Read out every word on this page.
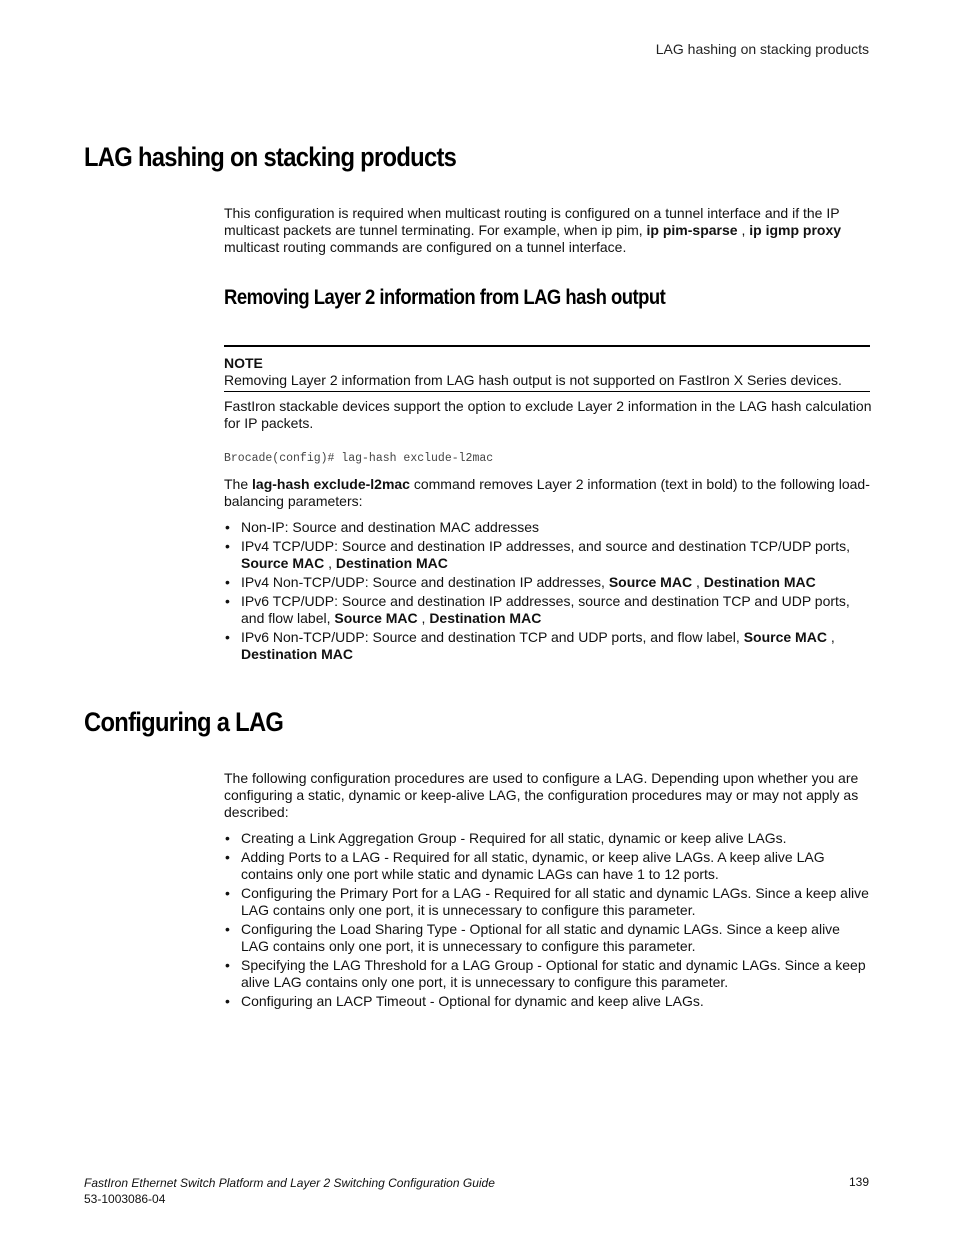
LAG hashing on stacking products
LAG hashing on stacking products
This configuration is required when multicast routing is configured on a tunnel interface and if the IP multicast packets are tunnel terminating. For example, when ip pim, ip pim-sparse , ip igmp proxy multicast routing commands are configured on a tunnel interface.
Removing Layer 2 information from LAG hash output
NOTE
Removing Layer 2 information from LAG hash output is not supported on FastIron X Series devices.
FastIron stackable devices support the option to exclude Layer 2 information in the LAG hash calculation for IP packets.
Brocade(config)# lag-hash exclude-l2mac
The lag-hash exclude-l2mac command removes Layer 2 information (text in bold) to the following load-balancing parameters:
• Non-IP: Source and destination MAC addresses
• IPv4 TCP/UDP: Source and destination IP addresses, and source and destination TCP/UDP ports, Source MAC , Destination MAC
• IPv4 Non-TCP/UDP: Source and destination IP addresses, Source MAC , Destination MAC
• IPv6 TCP/UDP: Source and destination IP addresses, source and destination TCP and UDP ports, and flow label, Source MAC , Destination MAC
• IPv6 Non-TCP/UDP: Source and destination TCP and UDP ports, and flow label, Source MAC , Destination MAC
Configuring a LAG
The following configuration procedures are used to configure a LAG. Depending upon whether you are configuring a static, dynamic or keep-alive LAG, the configuration procedures may or may not apply as described:
• Creating a Link Aggregation Group - Required for all static, dynamic or keep alive LAGs.
• Adding Ports to a LAG - Required for all static, dynamic, or keep alive LAGs. A keep alive LAG contains only one port while static and dynamic LAGs can have 1 to 12 ports.
• Configuring the Primary Port for a LAG - Required for all static and dynamic LAGs. Since a keep alive LAG contains only one port, it is unnecessary to configure this parameter.
• Configuring the Load Sharing Type - Optional for all static and dynamic LAGs. Since a keep alive LAG contains only one port, it is unnecessary to configure this parameter.
• Specifying the LAG Threshold for a LAG Group - Optional for static and dynamic LAGs. Since a keep alive LAG contains only one port, it is unnecessary to configure this parameter.
• Configuring an LACP Timeout - Optional for dynamic and keep alive LAGs.
FastIron Ethernet Switch Platform and Layer 2 Switching Configuration Guide
53-1003086-04
139
